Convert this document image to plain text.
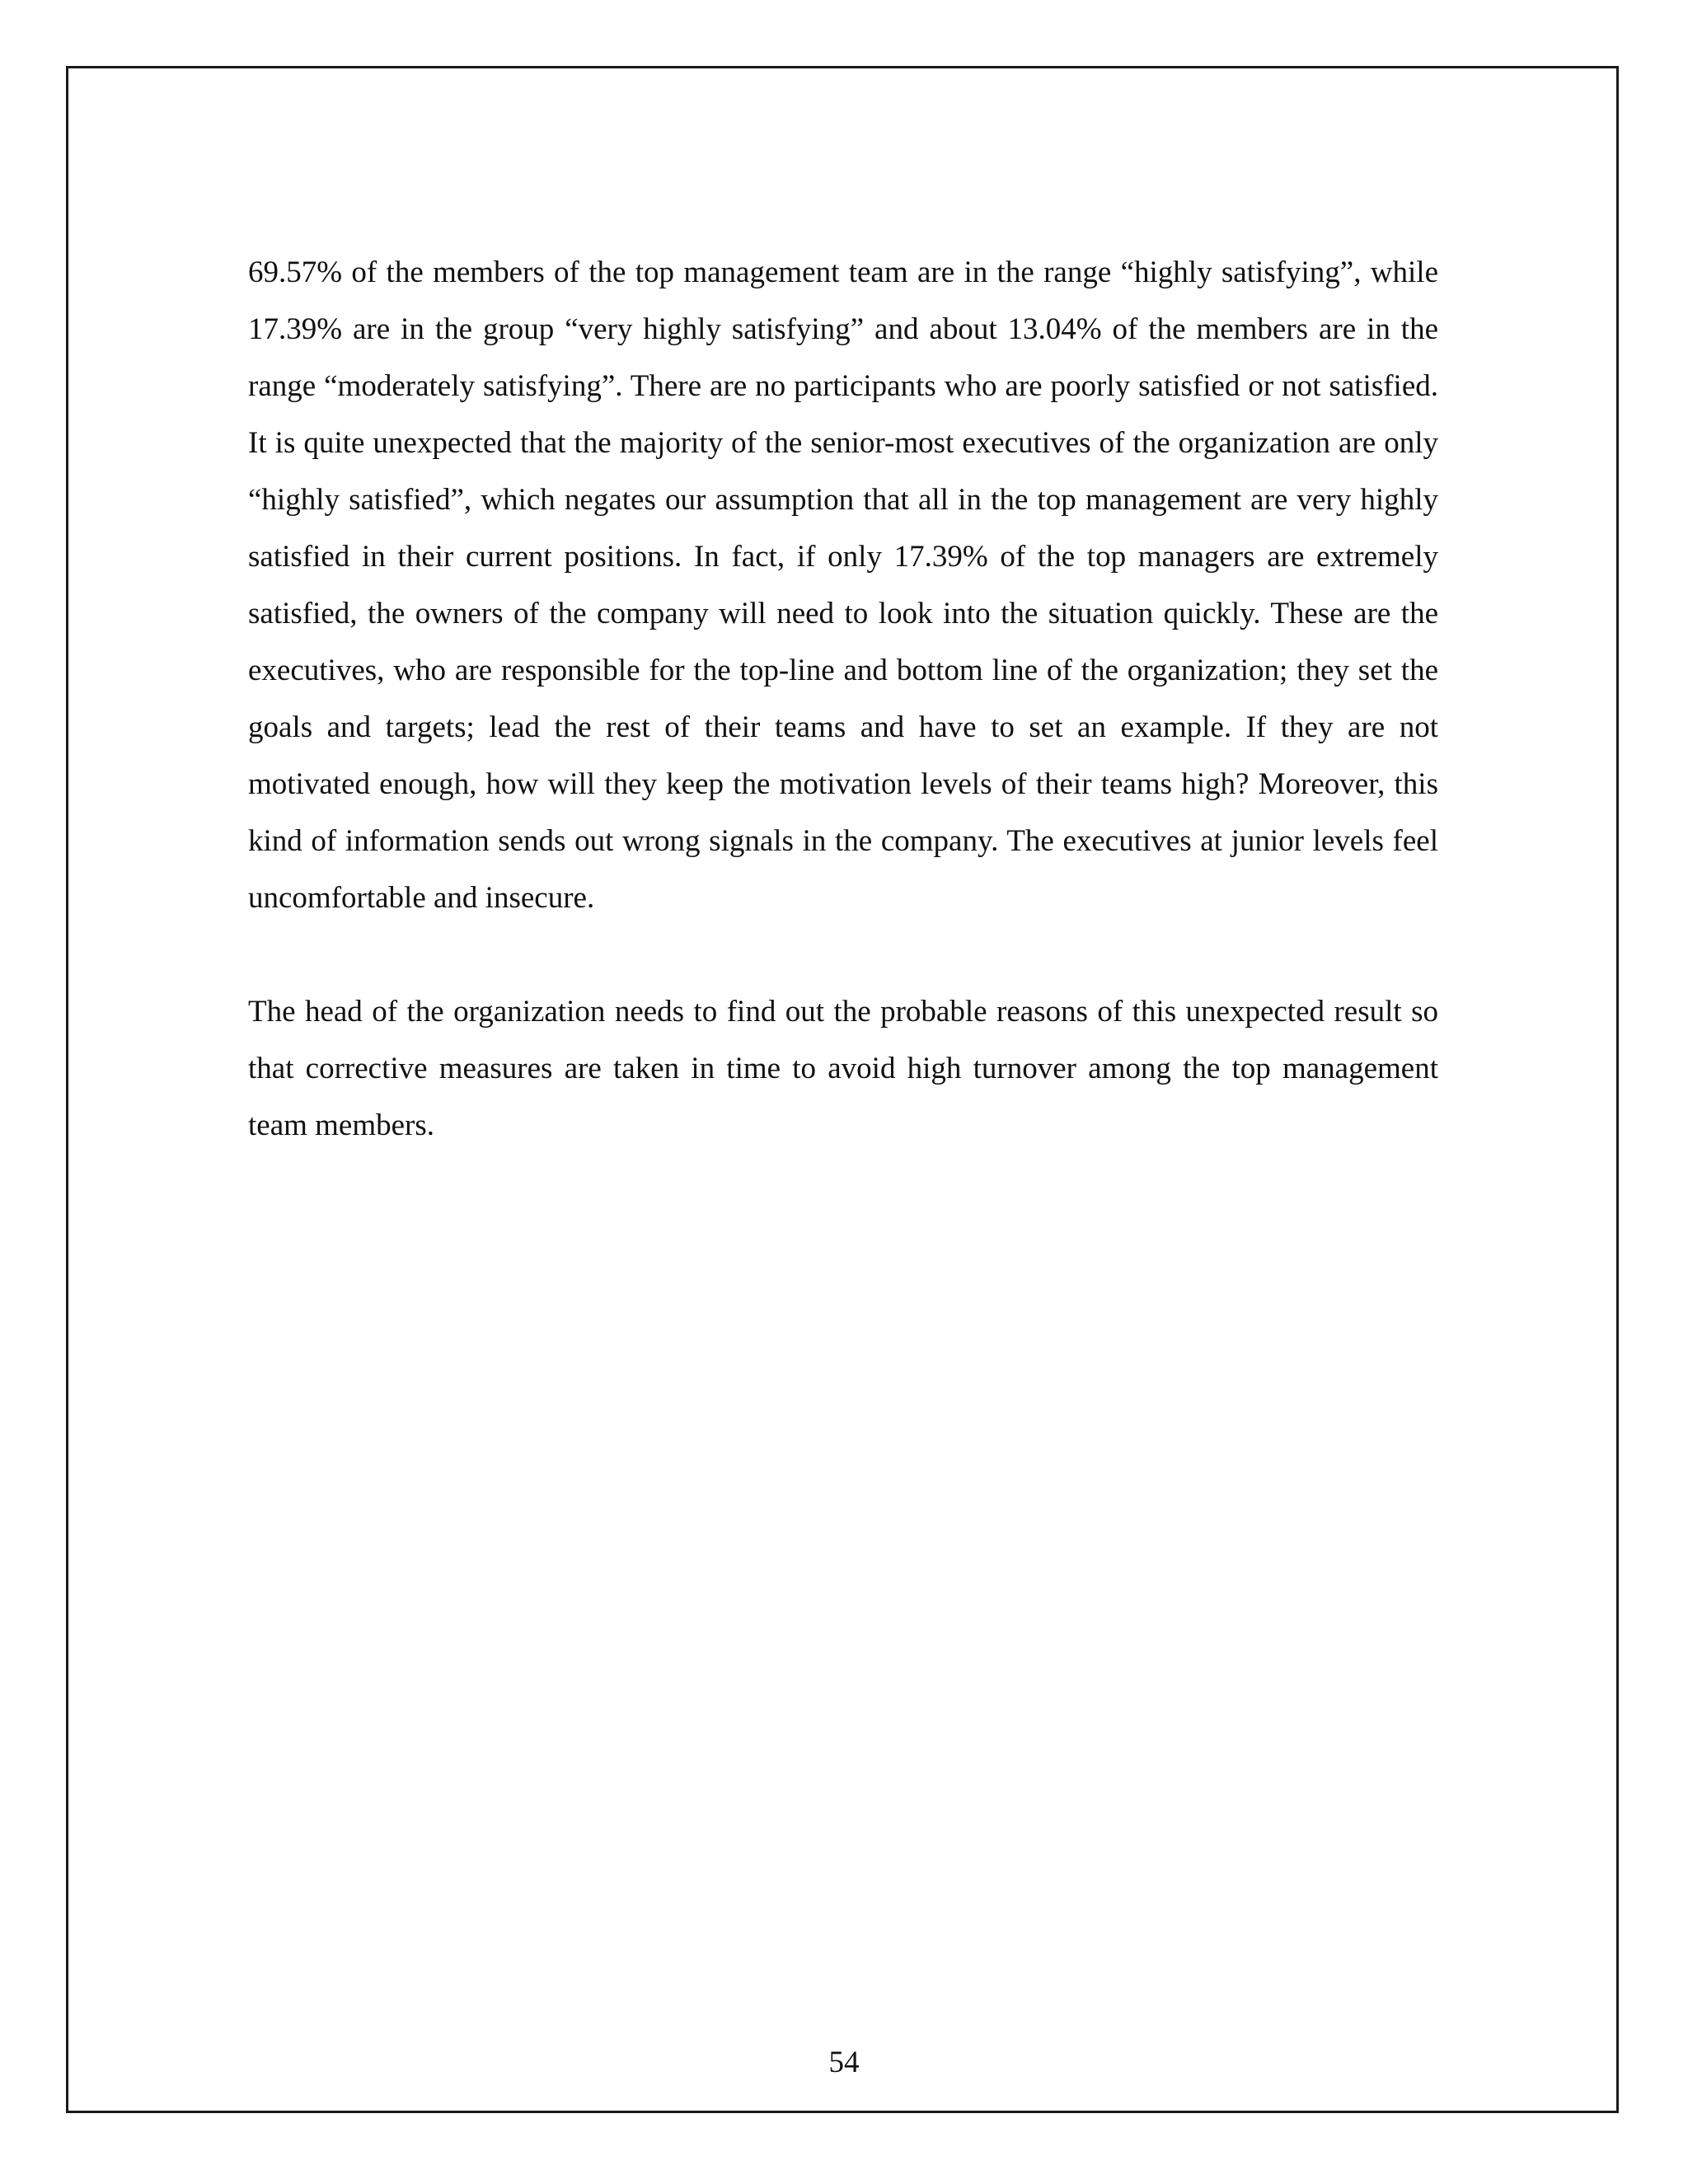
69.57% of the members of the top management team are in the range “highly satisfying”, while 17.39% are in the group “very highly satisfying” and about 13.04% of the members are in the range “moderately satisfying”. There are no participants who are poorly satisfied or not satisfied. It is quite unexpected that the majority of the senior-most executives of the organization are only “highly satisfied”, which negates our assumption that all in the top management are very highly satisfied in their current positions. In fact, if only 17.39% of the top managers are extremely satisfied, the owners of the company will need to look into the situation quickly. These are the executives, who are responsible for the top-line and bottom line of the organization; they set the goals and targets; lead the rest of their teams and have to set an example. If they are not motivated enough, how will they keep the motivation levels of their teams high? Moreover, this kind of information sends out wrong signals in the company. The executives at junior levels feel uncomfortable and insecure.

The head of the organization needs to find out the probable reasons of this unexpected result so that corrective measures are taken in time to avoid high turnover among the top management team members.

54
